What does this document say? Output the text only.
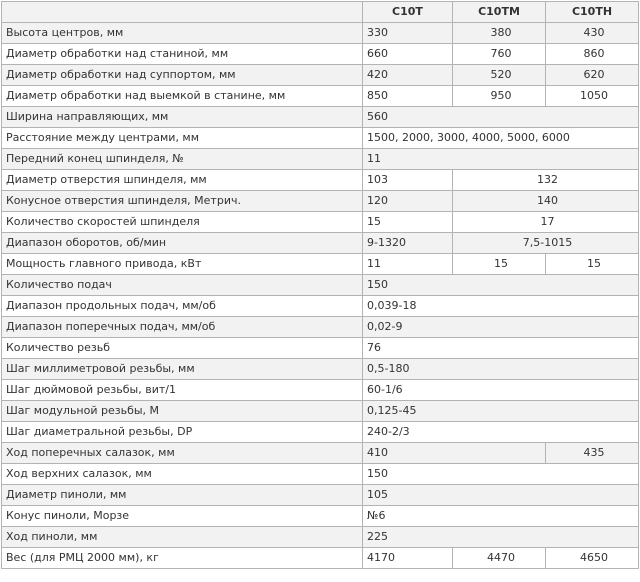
	С10Т	С10ТМ	С10ТН
Высота центров, мм	330	380	430
Диаметр обработки над станиной, мм	660	760	860
Диаметр обработки над суппортом, мм	420	520	620
Диаметр обработки над выемкой в станине, мм	850	950	1050
Ширина направляющих, мм	560		
Расстояние между центрами, мм	1500, 2000, 3000, 4000, 5000, 6000		
Передний конец шпинделя, №	11		
Диаметр отверстия шпинделя, мм	103	132	
Конусное отверстия шпинделя, Метрич.	120	140	
Количество скоростей шпинделя	15	17	
Диапазон оборотов, об/мин	9-1320	7,5-1015	
Мощность главного привода, кВт	11	15	15
Количество подач	150		
Диапазон продольных подач, мм/об	0,039-18		
Диапазон поперечных подач, мм/об	0,02-9		
Количество резьб	76		
Шаг миллиметровой резьбы, мм	0,5-180		
Шаг дюймовой резьбы, вит/1	60-1/6		
Шаг модульной резьбы, М	0,125-45		
Шаг диаметральной резьбы, DP	240-2/3		
Ход поперечных салазок, мм	410		435
Ход верхних салазок, мм	150		
Диаметр пиноли, мм	105		
Конус пиноли, Морзе	№6		
Ход пиноли, мм	225		
Вес (для РМЦ 2000 мм), кг	4170	4470	4650
